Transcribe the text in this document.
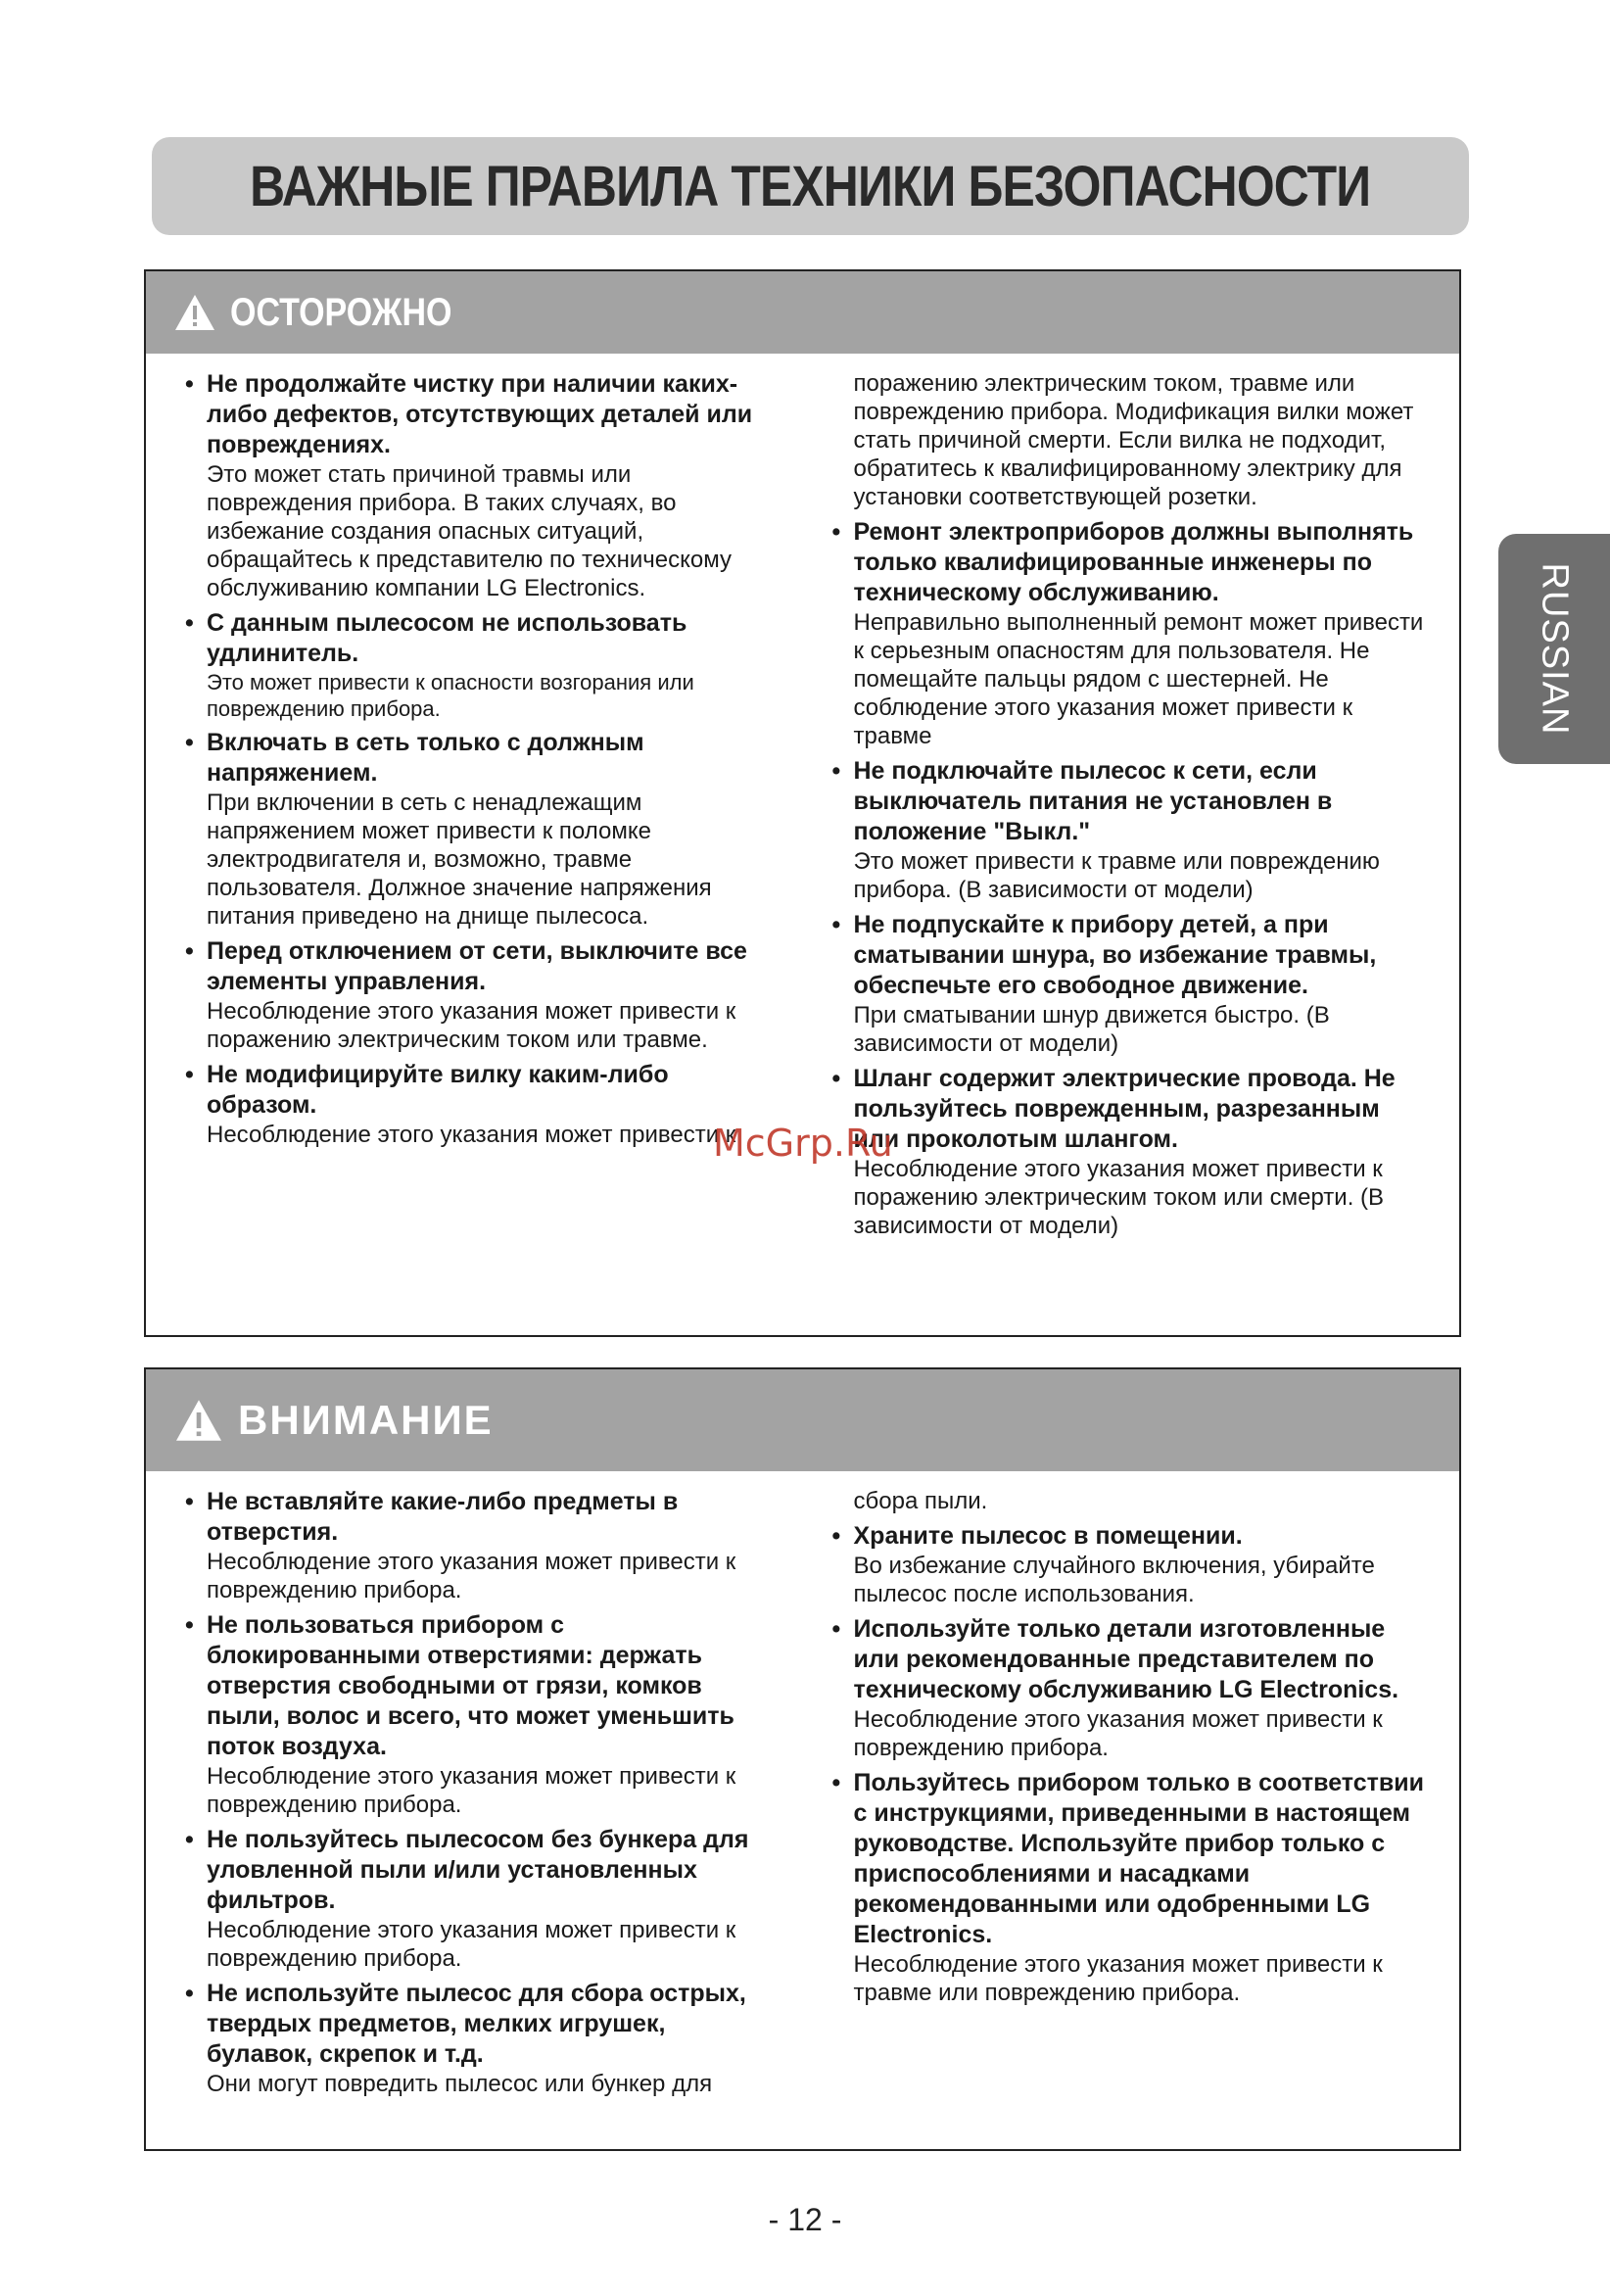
ВАЖНЫЕ ПРАВИЛА ТЕХНИКИ БЕЗОПАСНОСТИ
RUSSIAN
ОСТОРОЖНО
• Не продолжайте чистку при наличии каких-либо дефектов, отсутствующих деталей или повреждениях.
Это может стать причиной травмы или повреждения прибора. В таких случаях, во избежание создания опасных ситуаций, обращайтесь к представителю по техническому обслуживанию компании LG Electronics.
• С данным пылесосом не использовать удлинитель.
Это может привести к опасности возгорания или повреждению прибора.
• Включать в сеть только с должным напряжением.
При включении в сеть с ненадлежащим напряжением может привести к поломке электродвигателя и, возможно, травме пользователя. Должное значение напряжения питания приведено на днище пылесоса.
• Перед отключением от сети, выключите все элементы управления.
Несоблюдение этого указания может привести к поражению электрическим током или травме.
• Не модифицируйте вилку каким-либо образом.
Несоблюдение этого указания может привести к
поражению электрическим током, травме или повреждению прибора. Модификация вилки может стать причиной смерти. Если вилка не подходит, обратитесь к квалифицированному электрику для установки соответствующей розетки.
• Ремонт электроприборов должны выполнять только квалифицированные инженеры по техническому обслуживанию.
Неправильно выполненный ремонт может привести к серьезным опасностям для пользователя. Не помещайте пальцы рядом с шестерней. Не соблюдение этого указания может привести к травме
• Не подключайте пылесос к сети, если выключатель питания не установлен в положение "Выкл."
Это может привести к травме или повреждению прибора. (В зависимости от модели)
• Не подпускайте к прибору детей, а при сматывании шнура, во избежание травмы, обеспечьте его свободное движение.
При сматывании шнур движется быстро. (В зависимости от модели)
• Шланг содержит электрические провода. Не пользуйтесь поврежденным, разрезанным или проколотым шлангом.
Несоблюдение этого указания может привести к поражению электрическим током или смерти. (В зависимости от модели)
McGrp.Ru
ВНИМАНИЕ
• Не вставляйте какие-либо предметы в отверстия.
Несоблюдение этого указания может привести к повреждению прибора.
• Не пользоваться прибором с блокированными отверстиями: держать отверстия свободными от грязи, комков пыли, волос и всего, что может уменьшить поток воздуха.
Несоблюдение этого указания может привести к повреждению прибора.
• Не пользуйтесь пылесосом без бункера для уловленной пыли и/или установленных фильтров.
Несоблюдение этого указания может привести к повреждению прибора.
• Не используйте пылесос для сбора острых, твердых предметов, мелких игрушек, булавок, скрепок и т.д.
Они могут повредить пылесос или бункер для
сбора пыли.
• Храните пылесос в помещении.
Во избежание случайного включения, убирайте пылесос после использования.
• Используйте только детали изготовленные или рекомендованные представителем по техническому обслуживанию LG Electronics.
Несоблюдение этого указания может привести к повреждению прибора.
• Пользуйтесь прибором только в соответствии с инструкциями, приведенными в настоящем руководстве. Используйте прибор только с приспособлениями и насадками рекомендованными или одобренными LG Electronics.
Несоблюдение этого указания может привести к травме или повреждению прибора.
- 12 -
